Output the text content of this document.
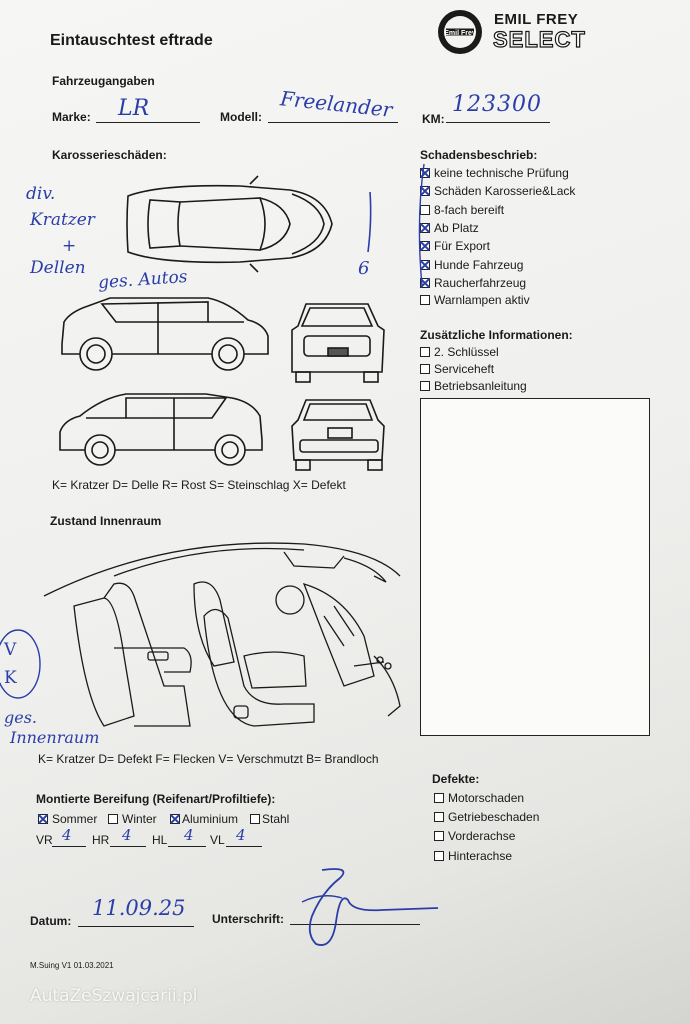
Eintauschtest eftrade	Emil Frey
EMIL FREY
SELECT
Fahrzeugangaben
Marke: LR	Modell: Freelander KM:
123300
Karosserieschäden:
div.
Kratzer
+
Dellen ges. Autos	6
K= Kratzer D= Delle R= Rost S= Steinschlag X= Defekt
Schadensbeschrieb:
keine technische Prüfung
Schäden Karosserie&Lack
8-fach bereift
Ab Platz
Für Export
Hunde Fahrzeug
Raucherfahrzeug
Warnlampen aktiv
Zusätzliche Informationen:
2. Schlüssel
Serviceheft
Betriebsanleitung
Zustand Innenraum
V
K
ges.
Innenraum
K= Kratzer D= Defekt F= Flecken V= Verschmutzt B= Brandloch
Defekte:
Motorschaden
Getriebeschaden
Vorderachse
Hinterachse
Montierte Bereifung (Reifenart/Profiltiefe):
Sommer Winter Aluminium Stahl
VR 4 HR 4 HL 4 VL 4
Datum:
11.09.25 Unterschrift:
M.Suing V1 01.03.2021
AutaZeSzwajcarii.pl
